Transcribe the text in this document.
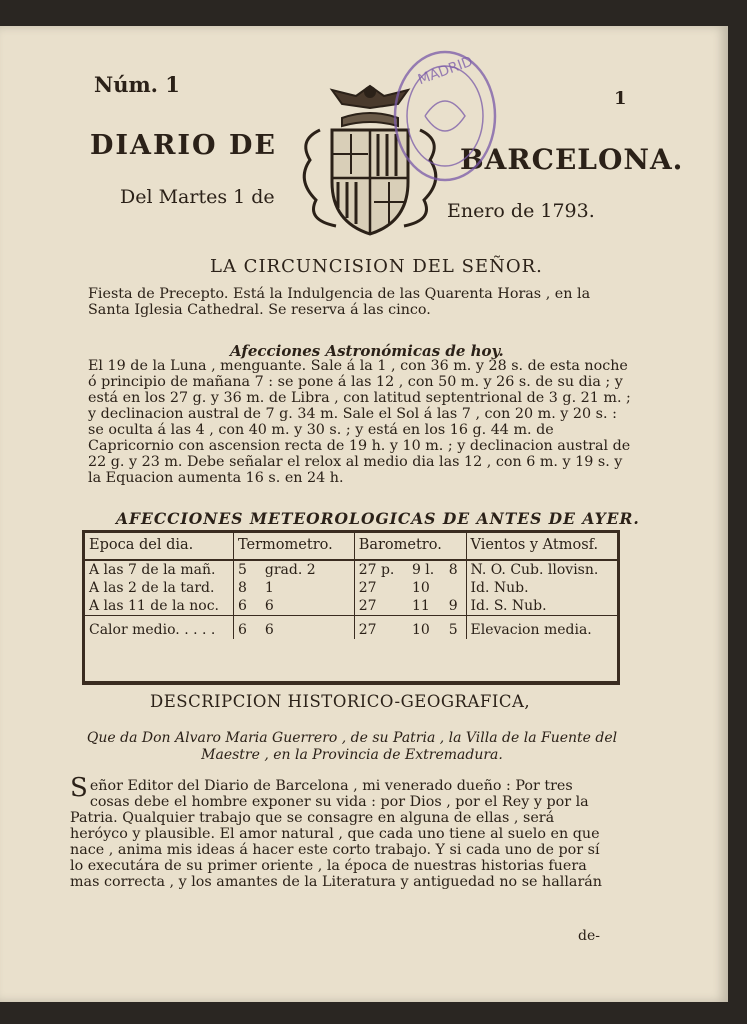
Núm. 1
1
DIARIO DE	BARCELONA.
Del Martes 1 de
Enero de 1793.
MADRID
LA CIRCUNCISION DEL SEÑOR.
Fiesta de Precepto. Está la Indulgencia de las Quarenta Horas , en la Santa Iglesia Cathedral. Se reserva á las cinco.
Afecciones Astronómicas de hoy.
El 19 de la Luna , menguante. Sale á la 1 , con 36 m. y 28 s. de esta noche ó principio de mañana 7 : se pone á las 12 , con 50 m. y 26 s. de su dia ; y está en los 27 g. y 36 m. de Libra , con latitud septentrional de 3 g. 21 m. ; y declinacion austral de 7 g. 34 m. Sale el Sol á las 7 , con 20 m. y 20 s. : se oculta á las 4 , con 40 m. y 30 s. ; y está en los 16 g. 44 m. de Capricornio con ascension recta de 19 h. y 10 m. ; y declinacion austral de 22 g. y 23 m. Debe señalar el relox al medio dia las 12 , con 6 m. y 19 s. y la Equacion aumenta 16 s. en 24 h.
AFECCIONES METEOROLOGICAS DE ANTES DE AYER.
Epoca del dia.	Termometro.		Barometro.			Vientos y Atmosf.
A las 7 de la mañ.	5	grad. 2	27 p.	9 l.	8	N. O. Cub. llovisn.
A las 2 de la tard.	8	1	27	10		Id. Nub.
A las 11 de la noc.	6	6	27	11	9	Id. S. Nub.
Calor medio. . . . .	6	6	27	10	5	Elevacion media.
DESCRIPCION HISTORICO-GEOGRAFICA,
Que da Don Alvaro Maria Guerrero , de su Patria , la Villa de la Fuente del Maestre , en la Provincia de Extremadura.
Señor Editor del Diario de Barcelona , mi venerado dueño : Por tres cosas debe el hombre exponer su vida : por Dios , por el Rey y por la Patria. Qualquier trabajo que se consagre en alguna de ellas , será heróyco y plausible. El amor natural , que cada uno tiene al suelo en que nace , anima mis ideas á hacer este corto trabajo. Y si cada uno de por sí lo executára de su primer oriente , la época de nuestras historias fuera mas correcta , y los amantes de la Literatura y antiguedad no se hallarán
de-
